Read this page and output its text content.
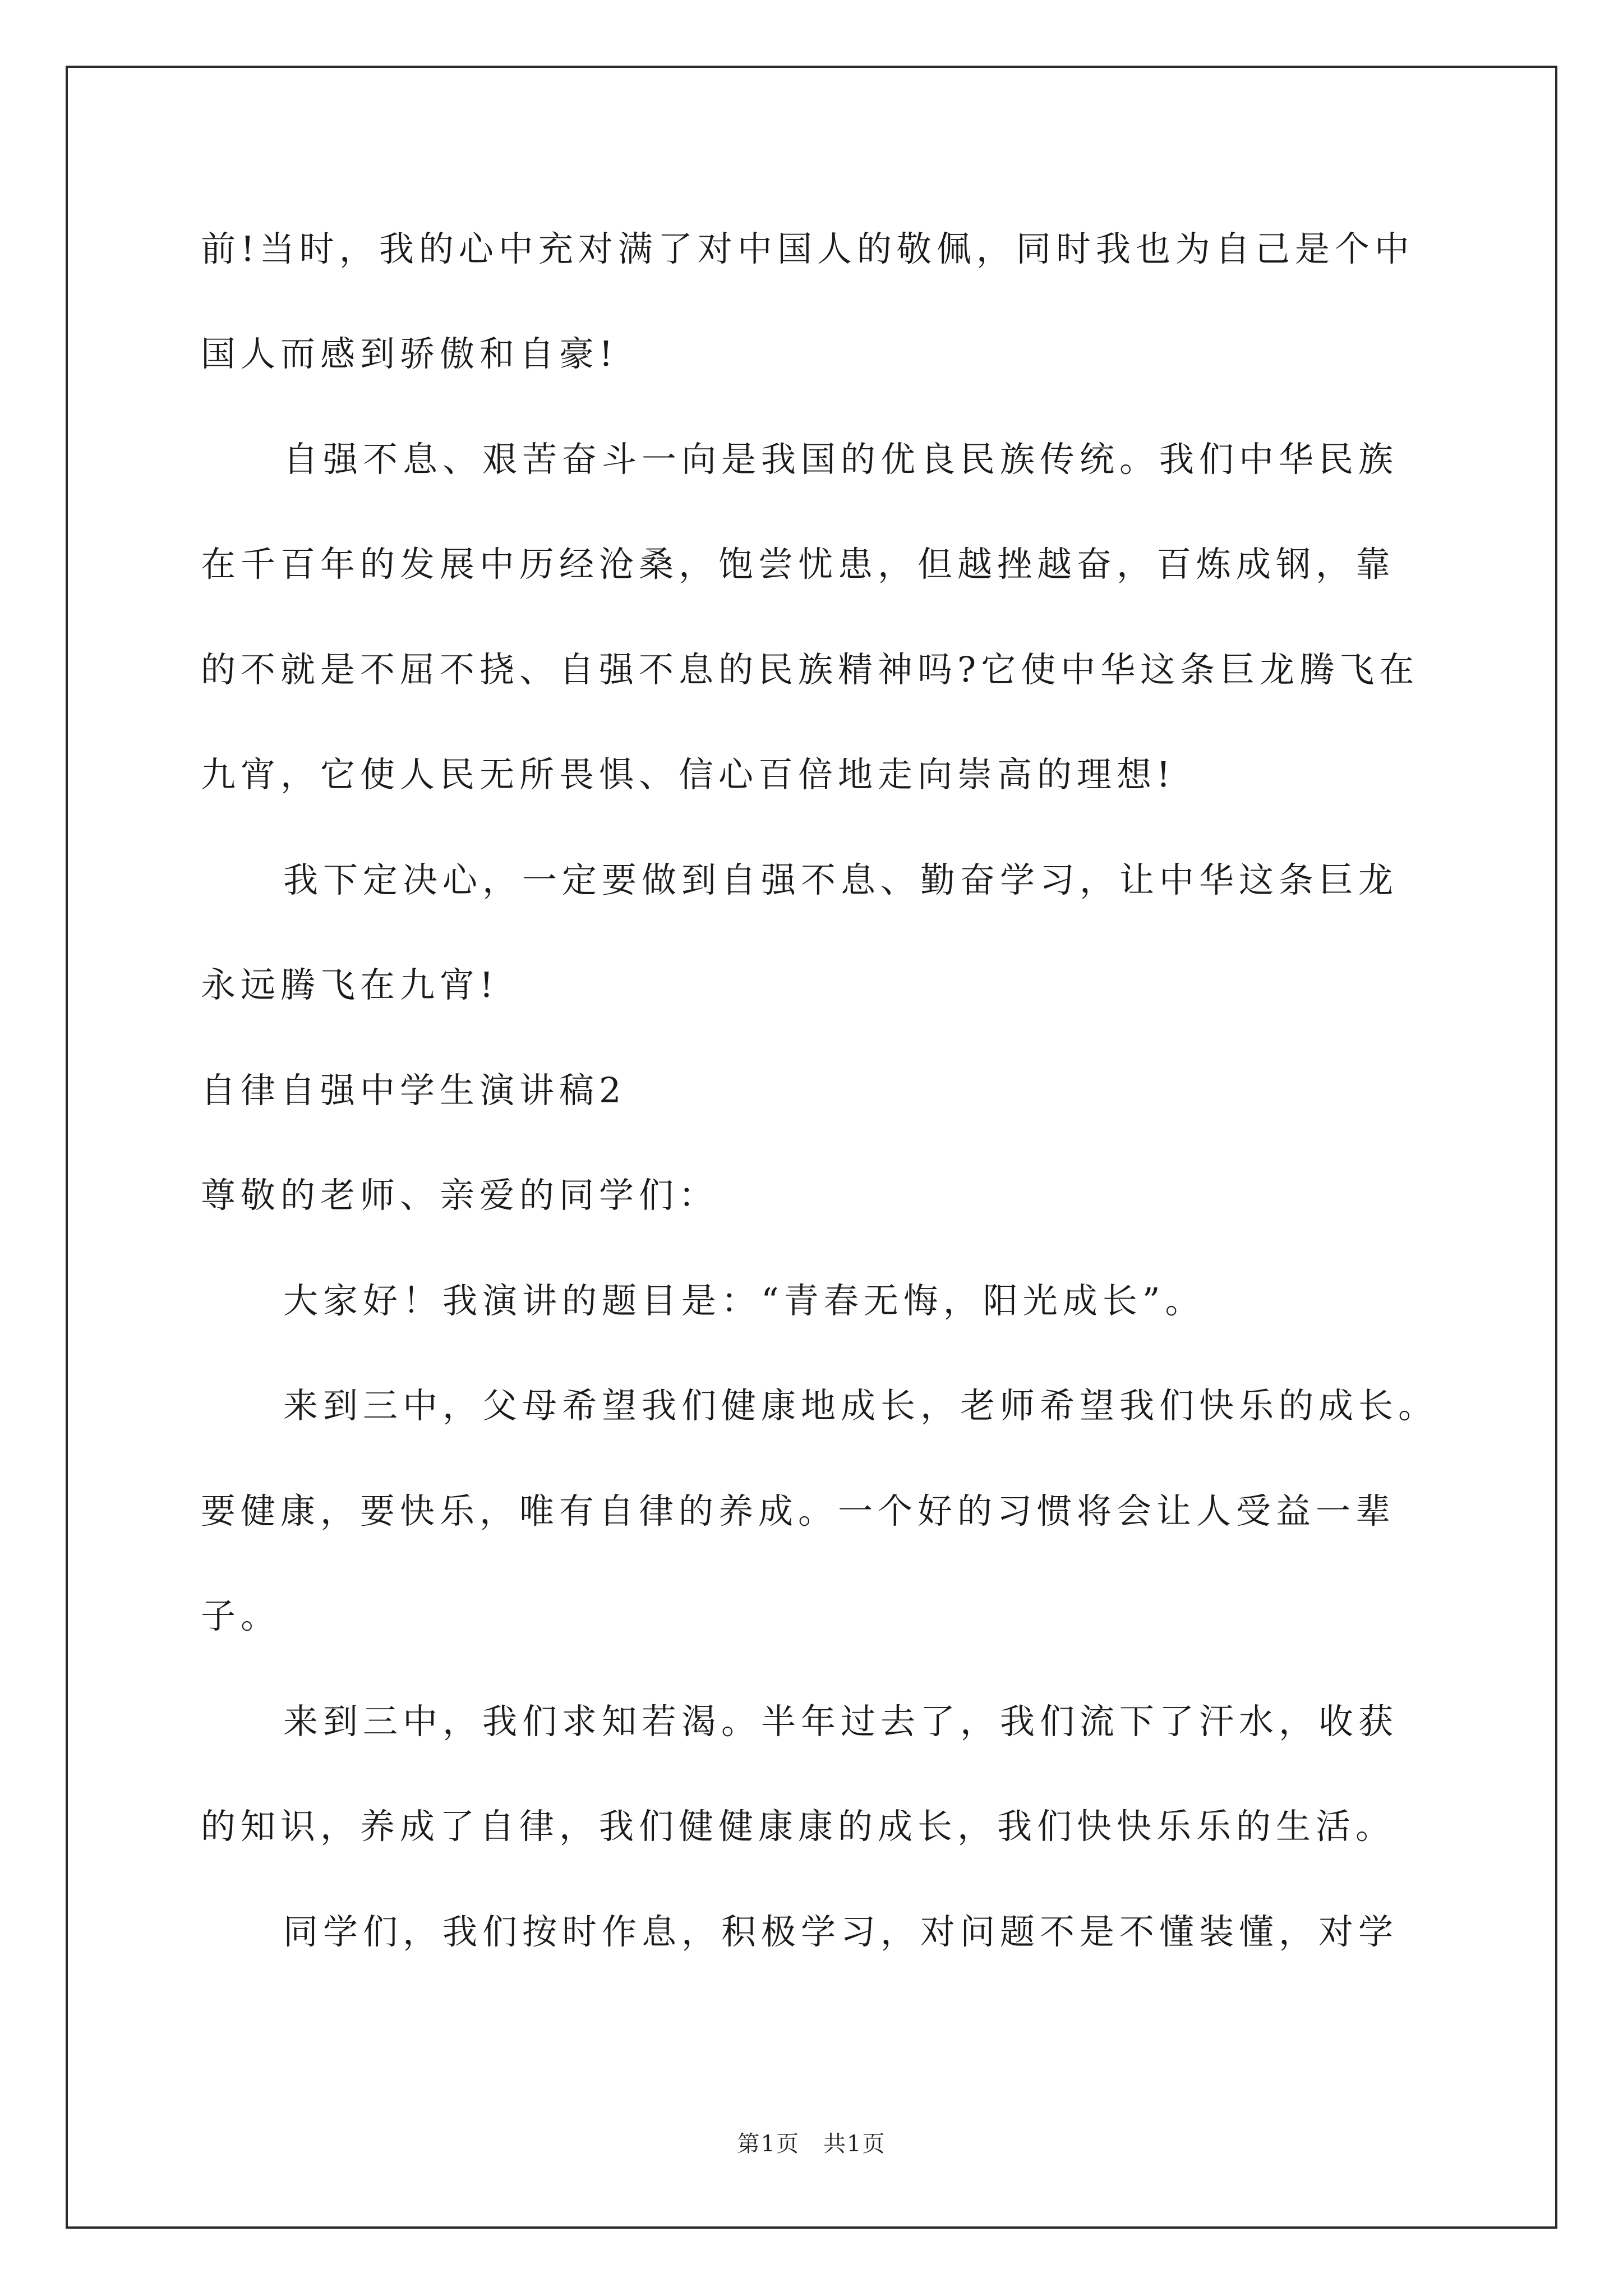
前!当时，我的心中充对满了对中国人的敬佩，同时我也为自己是个中
国人而感到骄傲和自豪!
自强不息、艰苦奋斗一向是我国的优良民族传统。我们中华民族
在千百年的发展中历经沧桑，饱尝忧患，但越挫越奋，百炼成钢，靠
的不就是不屈不挠、自强不息的民族精神吗?它使中华这条巨龙腾飞在
九宵，它使人民无所畏惧、信心百倍地走向崇高的理想!
我下定决心，一定要做到自强不息、勤奋学习，让中华这条巨龙
永远腾飞在九宵!
自律自强中学生演讲稿2
尊敬的老师、亲爱的同学们：
大家好！我演讲的题目是：“青春无悔，阳光成长”。
来到三中，父母希望我们健康地成长，老师希望我们快乐的成长。
要健康，要快乐，唯有自律的养成。一个好的习惯将会让人受益一辈
子。
来到三中，我们求知若渴。半年过去了，我们流下了汗水，收获
的知识，养成了自律，我们健健康康的成长，我们快快乐乐的生活。
同学们，我们按时作息，积极学习，对问题不是不懂装懂，对学
第1页　共1页
